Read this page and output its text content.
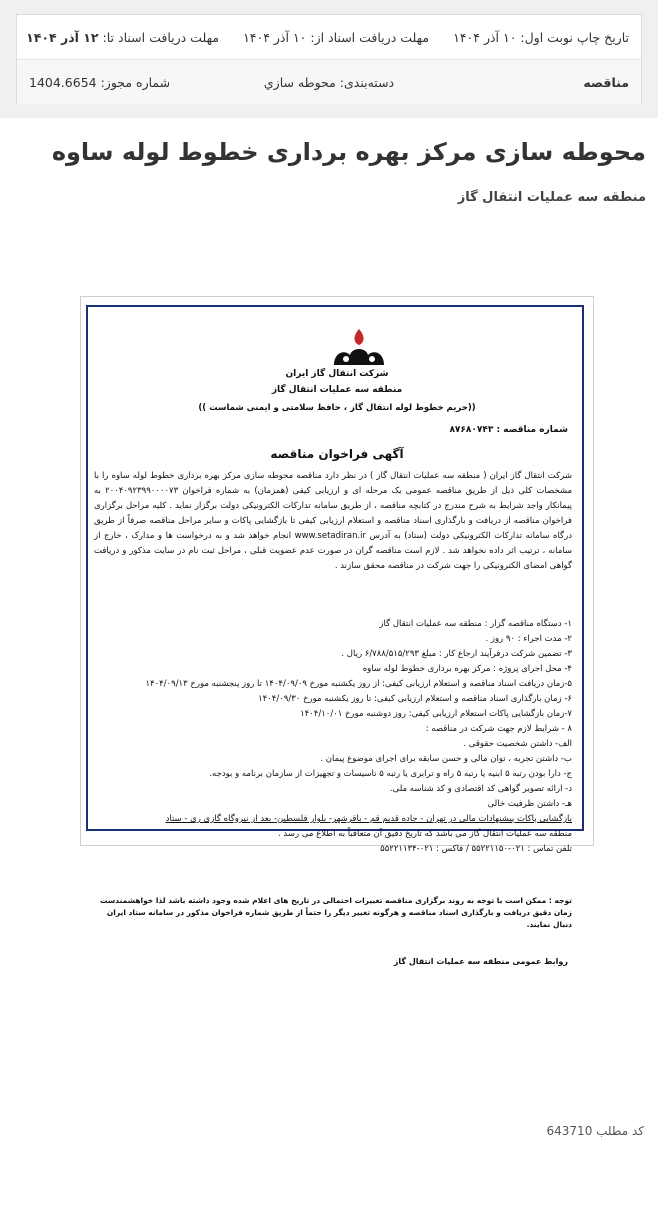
تاریخ چاپ نوبت اول: ۱۰ آذر ۱۴۰۴
مهلت دریافت اسناد از: ۱۰ آذر ۱۴۰۴
مهلت دریافت اسناد تا: ۱۲ آذر ۱۴۰۴
مناقصه
دسته‌بندی: محوطه سازي
شماره مجوز: 1404.6654
محوطه سازی مرکز بهره برداری خطوط لوله ساوه
منطقه سه عملیات انتقال گاز
شرکت انتقال گاز ایران
منطقه سه عملیات انتقال گاز
((حریم خطوط لوله انتقال گاز ، حافظ سلامتی و ایمنی شماست ))
شماره مناقصه : ۸۷۶۸۰۷۴۳
آگهی فراخوان مناقصه
شرکت انتقال گاز ایران ( منطقه سه عملیات انتقال گاز ) در نظر دارد مناقصه محوطه سازی مرکز بهره برداری خطوط لوله ساوه را با مشخصات کلی ذیل از طریق مناقصه عمومی یک مرحله ای و ارزیابی کیفی (همزمان) به شماره فراخوان ۲۰۰۴۰۹۲۳۹۹۰۰۰۰۷۳ به پیمانکار واجد شرایط به شرح مندرج در کتابچه مناقصه ، از طریق سامانه تدارکات الکترونیکی دولت برگزار نماید . کلیه مراحل برگزاری فراخوان مناقصه از دریافت و بارگذاری اسناد مناقصه و استعلام ارزیابی کیفی تا بازگشایی پاکات و سایر مراحل مناقصه صرفاً از طریق درگاه سامانه تدارکات الکترونیکی دولت (ستاد) به آدرس www.setadiran.ir انجام خواهد شد و به درخواست ها و مدارک ، خارج از سامانه ، ترتیب اثر داده نخواهد شد . لازم است مناقصه گران در صورت عدم عضویت قبلی ، مراحل ثبت نام در سایت مذکور و دریافت گواهی امضای الکترونیکی را جهت شرکت در مناقصه محقق سازند .
۱- دستگاه مناقصه گزار : منطقه سه عملیات انتقال گاز
۲- مدت اجراء : ۹۰ روز .
۳- تضمین شرکت درفرآیند ارجاع کار : مبلغ ۶/۷۸۸/۵۱۵/۲۹۳ ریال .
۴- محل اجرای پروژه : مرکز بهره برداری خطوط لوله ساوه
۵-زمان دریافت اسناد مناقصه و استعلام ارزیابی کیفی: از روز یکشنبه مورخ ۱۴۰۴/۰۹/۰۹ تا روز پنجشنبه مورخ ۱۴۰۴/۰۹/۱۳
۶- زمان بارگذاری اسناد مناقصه و استعلام ارزیابی کیفی: تا روز یکشنبه مورخ ۱۴۰۴/۰۹/۳۰
۷-زمان بازگشایی پاکات استعلام ارزیابی کیفی: روز دوشنبه مورخ ۱۴۰۴/۱۰/۰۱
۸ - شرایط لازم جهت شرکت در مناقصه :
الف- داشتن شخصیت حقوقی .
ب- داشتن تجربه ، توان مالی و حسن سابقه برای اجرای موضوع پیمان .
ج- دارا بودن رتبه ۵ ابنیه یا رتبه ۵ راه و ترابری یا رتبه ۵ تاسیسات و تجهیزات از سازمان برنامه و بودجه.
د- ارائه تصویر گواهی کد اقتصادی و کد شناسه ملی.
هـ- داشتن ظرفیت خالی
بازگشایی پاکات پیشنهادات مالی در تهران - جاده قدیم قم - باقرشهر- بلوار فلسطین- بعد از نیروگاه گازی ری - ستاد
منطقه سه عملیات انتقال گاز می باشد که تاریخ دقیق آن متعاقباً به اطلاع می رسد .
تلفن تماس : ۰۲۱-۵۵۲۲۱۱۵۰ / فاکس : ۰۲۱-۵۵۲۲۱۱۳۴
توجه : ممکن است با توجه به روند برگزاری مناقصه تغییرات احتمالی در تاریخ های اعلام شده وجود داشته باشد لذا خواهشمندست زمان دقیق دریافت و بارگذاری اسناد مناقصه و هرگونه تغییر دیگر را حتماً از طریق شماره فراخوان مذکور در سامانه ستاد ایران دنبال نمایند.
روابط عمومی منطقه سه عملیات انتقال گاز
کد مطلب 643710
